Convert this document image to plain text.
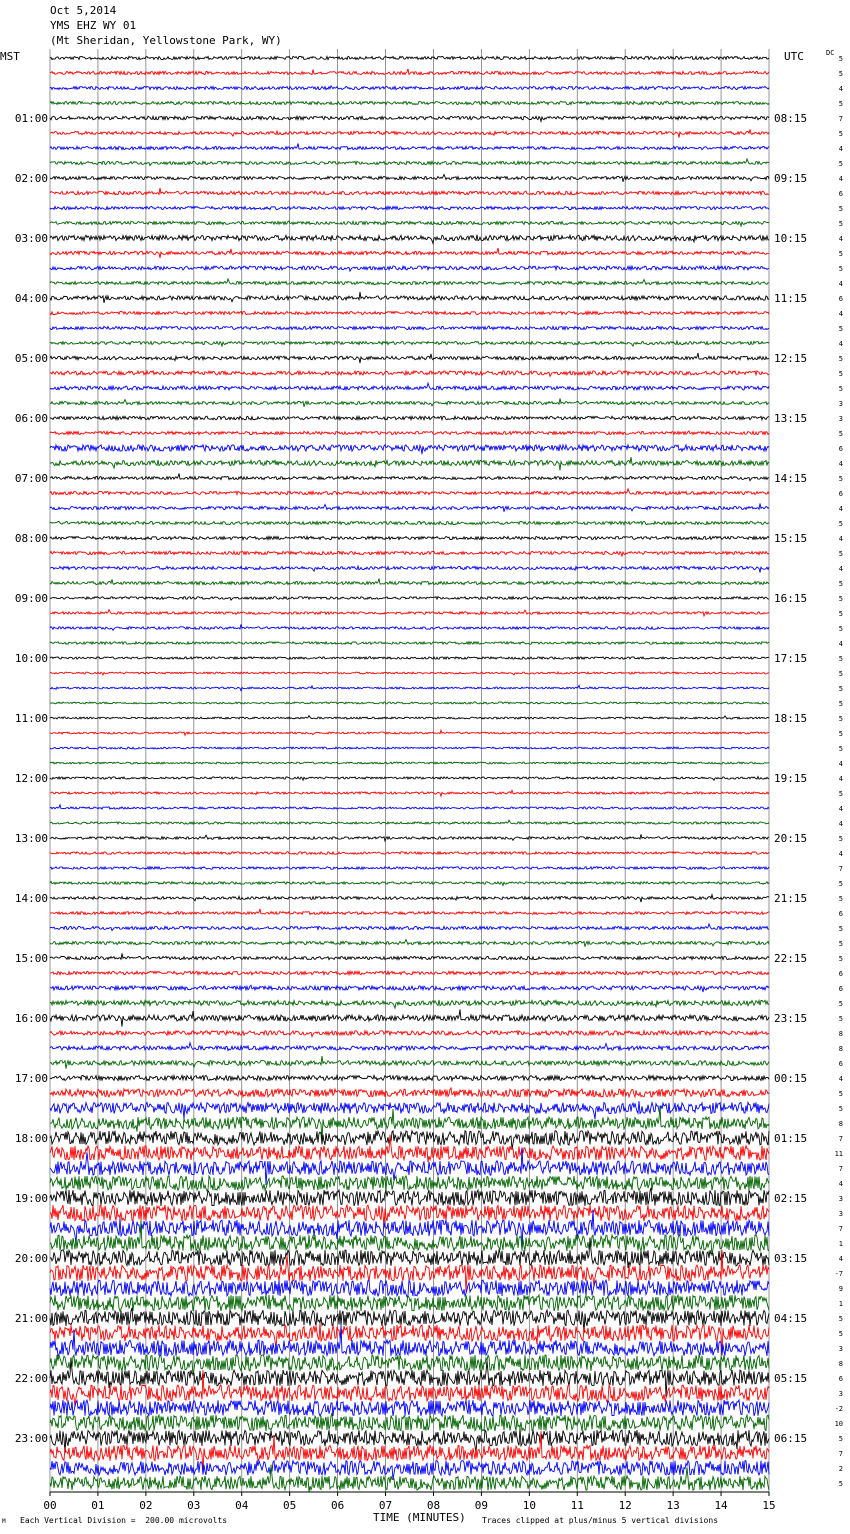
Oct 5,2014
YMS EHZ WY 01
(Mt Sheridan, Yellowstone Park, WY)
MST	UTC	DC
00	01	02	03	04	05	06	07	08	09	10	11	12	13	14	15
5
5
4
5
7
5
4
5
4
6
5
5
4
5
5
4
6
4
5
4
5
5
5
3
3
5
6
4
5
6
4
5
4
5
4
5
5
5
5
4
5
5
5
5
5
5
5
4
4
5
4
4
5
4
7
5
5
6
5
5
5
6
6
5
5
8
8
6
4
5
5
8
7
11
7
4
3
3
7
1
4
-7
9
1
5
5
3
8
6
3
-2
10
5
7
2
5
01:00	08:15
02:00	09:15
03:00	10:15
04:00	11:15
05:00	12:15
06:00	13:15
07:00	14:15
08:00	15:15
09:00	16:15
10:00	17:15
11:00	18:15
12:00	19:15
13:00	20:15
14:00	21:15
15:00	22:15
16:00	23:15
17:00	00:15
18:00	01:15
19:00	02:15
20:00	03:15
21:00	04:15
22:00	05:15
23:00	06:15
M Each Vertical Division =  200.00 microvolts	TIME (MINUTES) Traces clipped at plus/minus 5 vertical divisions
